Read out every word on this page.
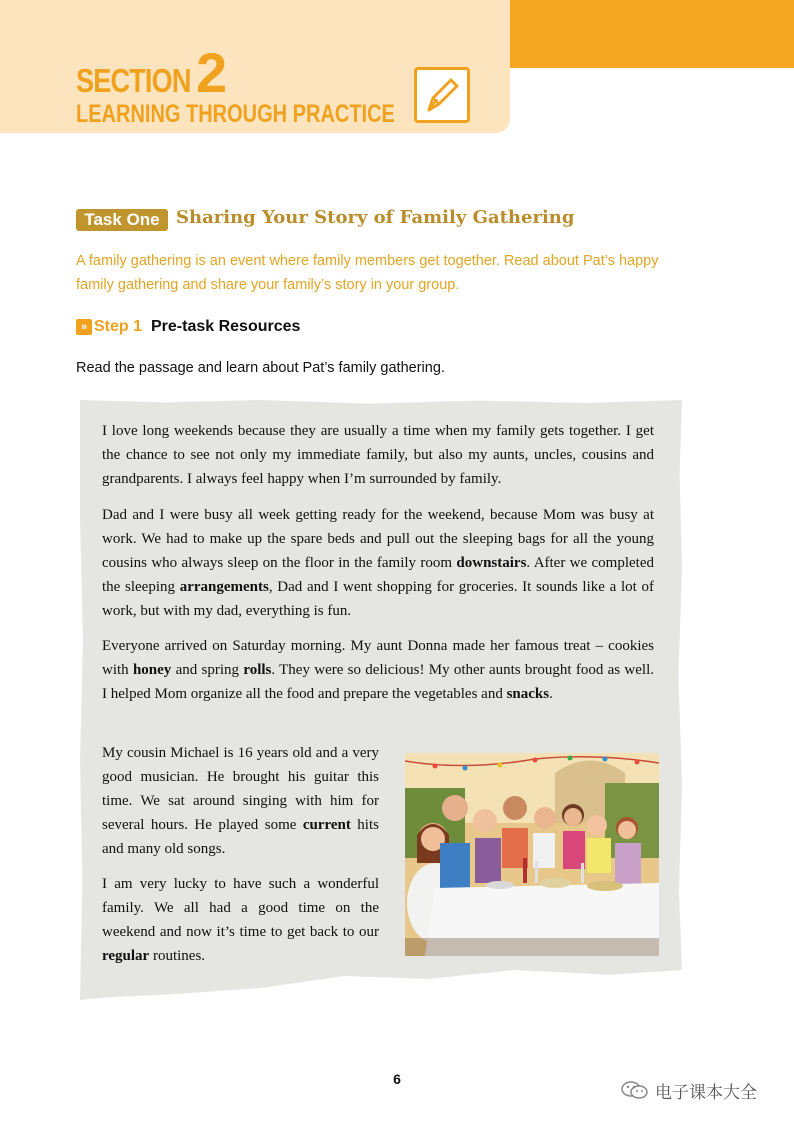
SECTION 2
LEARNING THROUGH PRACTICE
Task One Sharing Your Story of Family Gathering
A family gathering is an event where family members get together. Read about Pat’s happy family gathering and share your family’s story in your group.
» Step 1 Pre-task Resources
Read the passage and learn about Pat’s family gathering.

I love long weekends because they are usually a time when my family gets together. I get the chance to see not only my immediate family, but also my aunts, uncles, cousins and grandparents. I always feel happy when I’m surrounded by family.

Dad and I were busy all week getting ready for the weekend, because Mom was busy at work. We had to make up the spare beds and pull out the sleeping bags for all the young cousins who always sleep on the floor in the family room downstairs. After we completed the sleeping arrangements, Dad and I went shopping for groceries. It sounds like a lot of work, but with my dad, everything is fun.

Everyone arrived on Saturday morning. My aunt Donna made her famous treat – cookies with honey and spring rolls. They were so delicious! My other aunts brought food as well. I helped Mom organize all the food and prepare the vegetables and snacks.

My cousin Michael is 16 years old and a very good musician. He brought his guitar this time. We sat around singing with him for several hours. He played some current hits and many old songs.

I am very lucky to have such a wonderful family. We all had a good time on the weekend and now it’s time to get back to our regular routines.

6
电子课本大全
